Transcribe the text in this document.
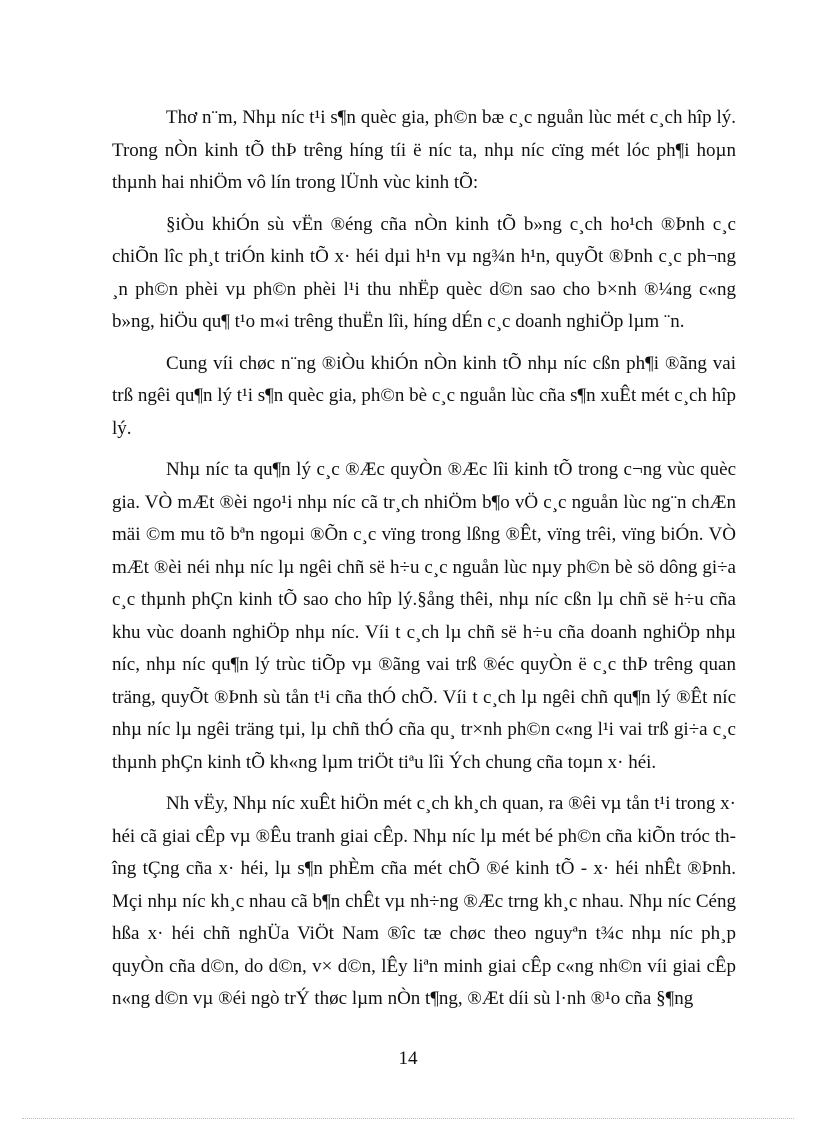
Thơ n¨m, Nhµ níc t¹i s¶n quèc gia, ph©n bæ c¸c nguån lùc mét c¸ch hîp lý. Trong nÒn kinh tÕ thÞ trêng híng tíi ë níc ta, nhµ níc cïng mét lóc ph¶i hoµn thµnh hai nhiÖm vô lín trong lÜnh vùc kinh tÕ:

§iÒu khiÓn sù vËn ®éng cña nÒn kinh tÕ b»ng c¸ch ho¹ch ®Þnh c¸c chiÕn lîc ph¸t triÓn kinh tÕ x· héi dµi h¹n vµ ng¾n h¹n, quyÕt ®Þnh c¸c ph¬ng ¸n ph©n phèi vµ ph©n phèi l¹i thu nhËp quèc d©n sao cho b×nh ®¼ng c«ng b»ng, hiÖu qu¶ t¹o m«i trêng thuËn lîi, híng dÉn c¸c doanh nghiÖp lµm ¨n.

Cung víi chøc n¨ng ®iÒu khiÓn nÒn kinh tÕ nhµ níc cßn ph¶i ®ãng vai trß ngêi qu¶n lý t¹i s¶n quèc gia, ph©n bè c¸c nguån lùc cña s¶n xuÊt mét c¸ch hîp lý.

Nhµ níc ta qu¶n lý c¸c ®Æc quyÒn ®Æc lîi kinh tÕ trong c¬ng vùc quèc gia. VÒ mÆt ®èi ngo¹i nhµ níc cã tr¸ch nhiÖm b¶o vÖ c¸c nguån lùc ng¨n chÆn mäi ©m mu tõ bªn ngoµi ®Õn c¸c vïng trong lßng ®Êt, vïng trêi, vïng biÓn. VÒ mÆt ®èi néi nhµ níc lµ ngêi chñ së h÷u c¸c nguån lùc nµy ph©n bè sö dông gi÷a c¸c thµnh phÇn kinh tÕ sao cho hîp lý.§ång thêi, nhµ níc cßn lµ chñ së h÷u cña khu vùc doanh nghiÖp nhµ níc. Víi t c¸ch lµ chñ së h÷u cña doanh nghiÖp nhµ níc, nhµ níc qu¶n lý trùc tiÕp vµ ®ãng vai trß ®éc quyÒn ë c¸c thÞ trêng quan träng, quyÕt ®Þnh sù tån t¹i cña thÓ chÕ. Víi t c¸ch lµ ngêi chñ qu¶n lý ®Êt níc nhµ níc lµ ngêi träng tµi, lµ chñ thÓ cña qu¸ tr×nh ph©n c«ng l¹i vai trß gi÷a c¸c thµnh phÇn kinh tÕ kh«ng lµm triÖt tiªu lîi Ých chung cña toµn x· héi.

Nh vËy, Nhµ níc xuÊt hiÖn mét c¸ch kh¸ch quan, ra ®êi vµ tån t¹i trong x· héi cã giai cÊp vµ ®Êu tranh giai cÊp. Nhµ níc lµ mét bé ph©n cña kiÕn tróc thîng tÇng cña x· héi, lµ s¶n phÈm cña mét chÕ ®é kinh tÕ - x· héi nhÊt ®Þnh. Mçi nhµ níc kh¸c nhau cã b¶n chÊt vµ nh÷ng ®Æc trng kh¸c nhau. Nhµ níc Céng hßa x· héi chñ nghÜa ViÖt Nam ®îc tæ chøc theo nguyªn t¾c nhµ níc ph¸p quyÒn cña d©n, do d©n, v× d©n, lÊy liªn minh giai cÊp c«ng nh©n víi giai cÊp n«ng d©n vµ ®éi ngò trÝ thøc lµm nÒn t¶ng, ®Æt díi sù l·nh ®¹o cña §¶ng

14
